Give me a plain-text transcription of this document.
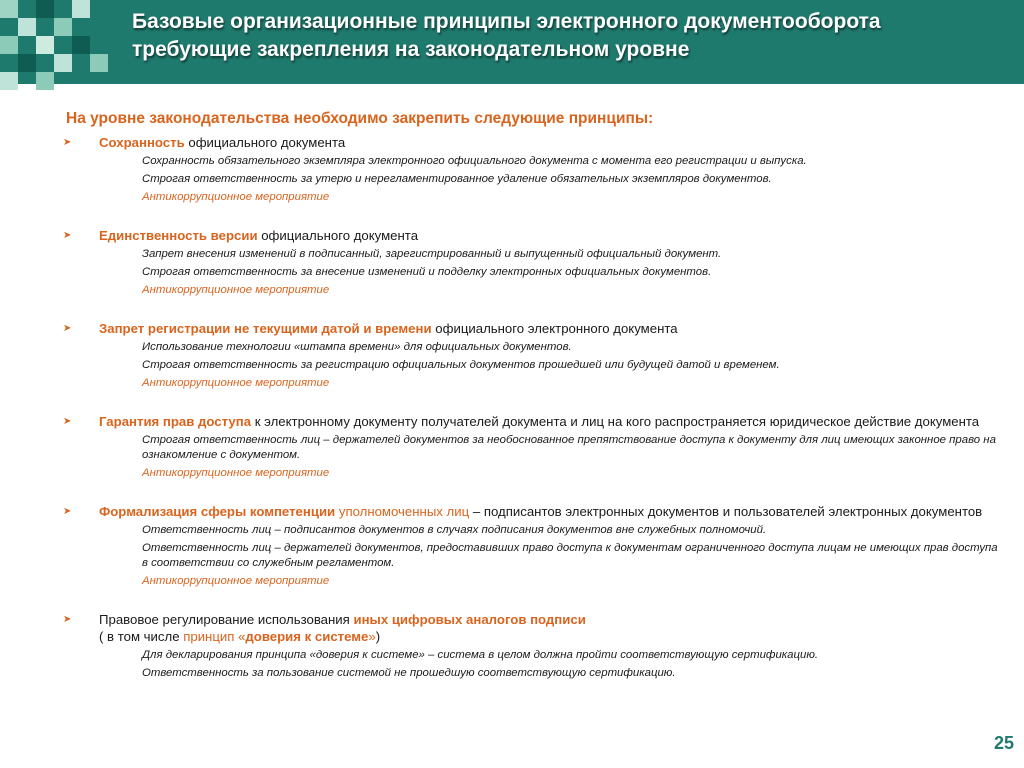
Базовые организационные принципы электронного документооборота
требующие закрепления на законодательном уровне
На уровне законодательства необходимо закрепить следующие принципы:
➤ Сохранность официального документа
Сохранность обязательного экземпляра электронного официального документа с момента его регистрации и выпуска.
Строгая ответственность за утерю и нерегламентированное удаление обязательных экземпляров документов.
Антикоррупционное мероприятие
➤ Единственность версии официального документа
Запрет внесения изменений в подписанный, зарегистрированный и выпущенный официальный документ.
Строгая ответственность за внесение изменений и подделку электронных официальных документов.
Антикоррупционное мероприятие
➤ Запрет регистрации не текущими датой и времени официального электронного документа
Использование технологии «штампа времени» для официальных документов.
Строгая ответственность за регистрацию официальных документов прошедшей или будущей датой и временем.
Антикоррупционное мероприятие
➤ Гарантия прав доступа к электронному документу получателей документа и лиц на кого распространяется юридическое действие документа
Строгая ответственность лиц – держателей документов за необоснованное препятствование доступа к документу для лиц имеющих законное право на ознакомление с документом.
Антикоррупционное мероприятие
➤ Формализация сферы компетенции уполномоченных лиц – подписантов электронных документов и пользователей электронных документов
Ответственность лиц – подписантов документов в случаях подписания документов вне служебных полномочий.
Ответственность лиц – держателей документов, предоставивших право доступа к документам ограниченного доступа лицам не имеющих прав доступа в соответствии со служебным регламентом.
Антикоррупционное мероприятие
➤ Правовое регулирование использования иных цифровых аналогов подписи
( в том числе принцип «доверия к системе»)
Для декларирования принципа «доверия к системе» – система в целом должна пройти соответствующую сертификацию.
Ответственность за пользование системой не прошедшую соответствующую сертификацию.
25
